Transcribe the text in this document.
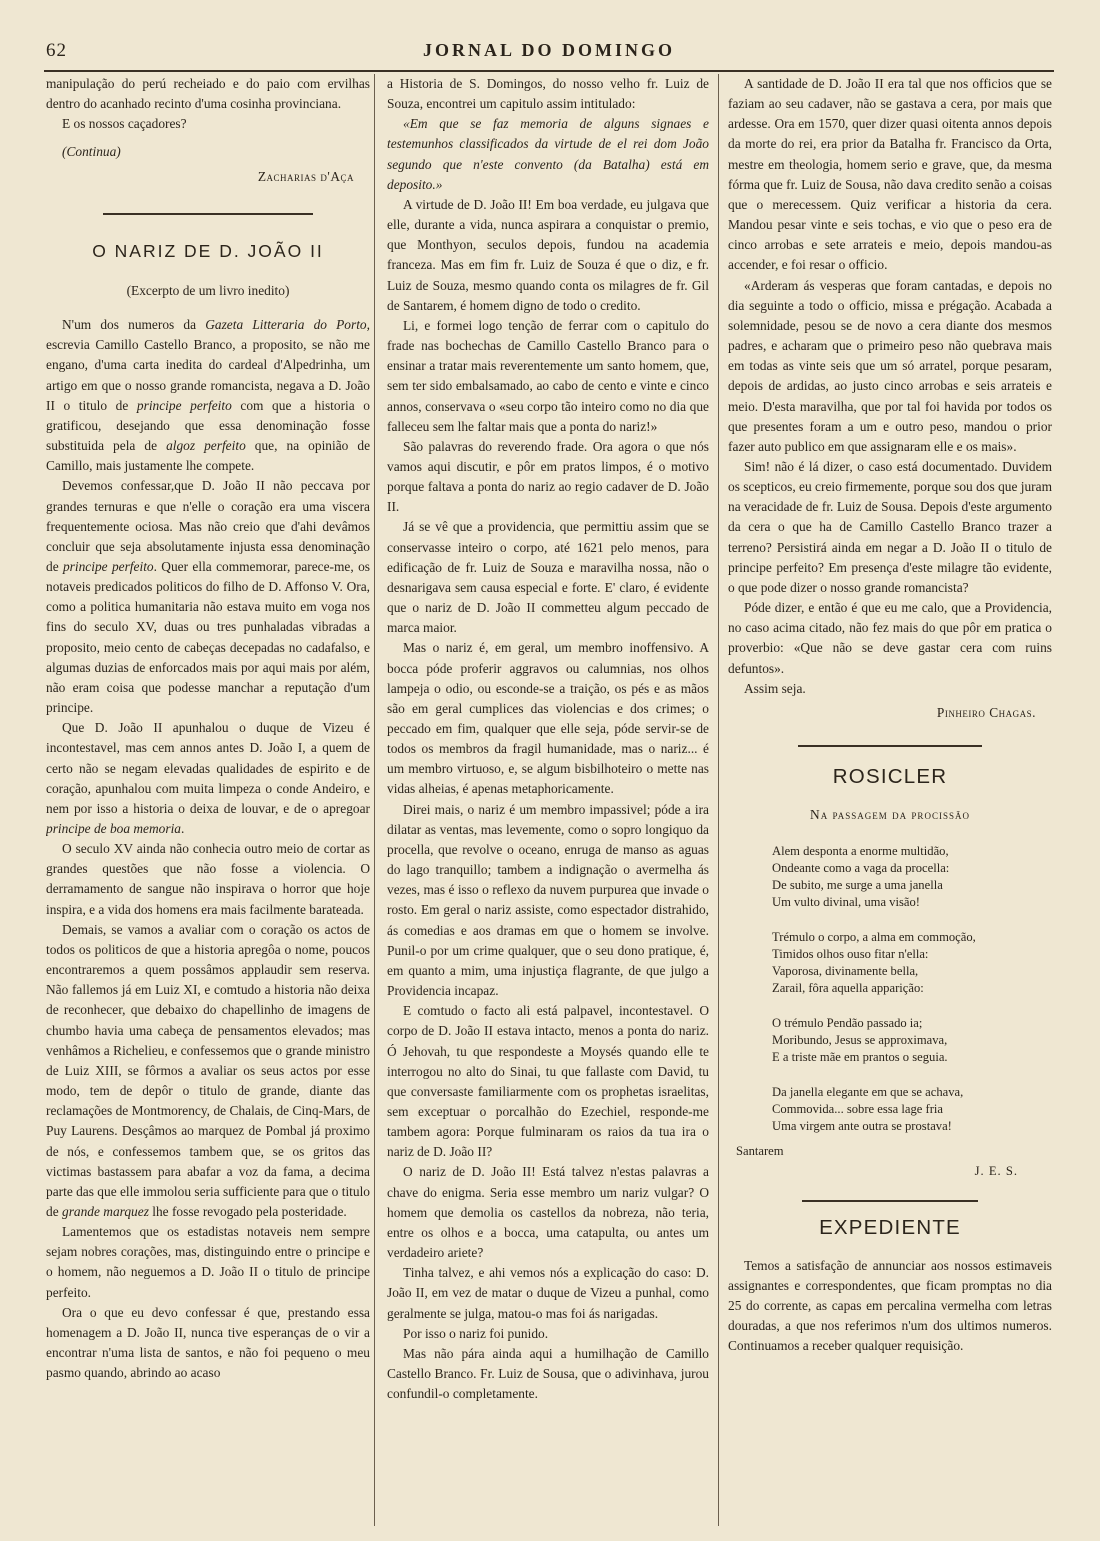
62	JORNAL DO DOMINGO

manipulação do perú recheiado e do paio com ervilhas dentro do acanhado recinto d'uma cosinha provinciana.

E os nossos caçadores?

(Continua)

Zacharias d'Aça
O NARIZ DE D. JOÃO II
(Excerpto de um livro inedito)

N'um dos numeros da Gazeta Litteraria do Porto, escrevia Camillo Castello Branco, a proposito, se não me engano, d'uma carta inedita do cardeal d'Alpedrinha, um artigo em que o nosso grande romancista, negava a D. João II o titulo de principe perfeito com que a historia o gratificou, desejando que essa denominação fosse substituida pela de algoz perfeito que, na opinião de Camillo, mais justamente lhe compete.

Devemos confessar,que D. João II não peccava por grandes ternuras e que n'elle o coração era uma viscera frequentemente ociosa. Mas não creio que d'ahi devâmos concluir que seja absolutamente injusta essa denominação de principe perfeito. Quer ella commemorar, parece-me, os notaveis predicados politicos do filho de D. Affonso V. Ora, como a politica humanitaria não estava muito em voga nos fins do seculo XV, duas ou tres punhaladas vibradas a proposito, meio cento de cabeças decepadas no cadafalso, e algumas duzias de enforcados mais por aqui mais por além, não eram coisa que podesse manchar a reputação d'um principe.

Que D. João II apunhalou o duque de Vizeu é incontestavel, mas cem annos antes D. João I, a quem de certo não se negam elevadas qualidades de espirito e de coração, apunhalou com muita limpeza o conde Andeiro, e nem por isso a historia o deixa de louvar, e de o apregoar principe de boa memoria.

O seculo XV ainda não conhecia outro meio de cortar as grandes questões que não fosse a violencia. O derramamento de sangue não inspirava o horror que hoje inspira, e a vida dos homens era mais facilmente barateada.

Demais, se vamos a avaliar com o coração os actos de todos os politicos de que a historia apregôa o nome, poucos encontraremos a quem possâmos applaudir sem reserva. Não fallemos já em Luiz XI, e comtudo a historia não deixa de reconhecer, que debaixo do chapellinho de imagens de chumbo havia uma cabeça de pensamentos elevados; mas venhâmos a Richelieu, e confessemos que o grande ministro de Luiz XIII, se fôrmos a avaliar os seus actos por esse modo, tem de depôr o titulo de grande, diante das reclamações de Montmorency, de Chalais, de Cinq-Mars, de Puy Laurens. Desçâmos ao marquez de Pombal já proximo de nós, e confessemos tambem que, se os gritos das victimas bastassem para abafar a voz da fama, a decima parte das que elle immolou seria sufficiente para que o titulo de grande marquez lhe fosse revogado pela posteridade.

Lamentemos que os estadistas notaveis nem sempre sejam nobres corações, mas, distinguindo entre o principe e o homem, não neguemos a D. João II o titulo de principe perfeito.

Ora o que eu devo confessar é que, prestando essa homenagem a D. João II, nunca tive esperanças de o vir a encontrar n'uma lista de santos, e não foi pequeno o meu pasmo quando, abrindo ao acaso

a Historia de S. Domingos, do nosso velho fr. Luiz de Souza, encontrei um capitulo assim intitulado:

«Em que se faz memoria de alguns signaes e testemunhos classificados da virtude de el rei dom João segundo que n'este convento (da Batalha) está em deposito.»

A virtude de D. João II! Em boa verdade, eu julgava que elle, durante a vida, nunca aspirara a conquistar o premio, que Monthyon, seculos depois, fundou na academia franceza. Mas em fim fr. Luiz de Souza é que o diz, e fr. Luiz de Souza, mesmo quando conta os milagres de fr. Gil de Santarem, é homem digno de todo o credito.

Li, e formei logo tenção de ferrar com o capitulo do frade nas bochechas de Camillo Castello Branco para o ensinar a tratar mais reverentemente um santo homem, que, sem ter sido embalsamado, ao cabo de cento e vinte e cinco annos, conservava o «seu corpo tão inteiro como no dia que falleceu sem lhe faltar mais que a ponta do nariz!»

São palavras do reverendo frade. Ora agora o que nós vamos aqui discutir, e pôr em pratos limpos, é o motivo porque faltava a ponta do nariz ao regio cadaver de D. João II.

Já se vê que a providencia, que permittiu assim que se conservasse inteiro o corpo, até 1621 pelo menos, para edificação de fr. Luiz de Souza e maravilha nossa, não o desnarigava sem causa especial e forte. E' claro, é evidente que o nariz de D. João II commetteu algum peccado de marca maior.

Mas o nariz é, em geral, um membro inoffensivo. A bocca póde proferir aggravos ou calumnias, nos olhos lampeja o odio, ou esconde-se a traição, os pés e as mãos são em geral cumplices das violencias e dos crimes; o peccado em fim, qualquer que elle seja, póde servir-se de todos os membros da fragil humanidade, mas o nariz... é um membro virtuoso, e, se algum bisbilhoteiro o mette nas vidas alheias, é apenas metaphoricamente.

Direi mais, o nariz é um membro impassivel; póde a ira dilatar as ventas, mas levemente, como o sopro longiquo da procella, que revolve o oceano, enruga de manso as aguas do lago tranquillo; tambem a indignação o avermelha ás vezes, mas é isso o reflexo da nuvem purpurea que invade o rosto. Em geral o nariz assiste, como espectador distrahido, ás comedias e aos dramas em que o homem se involve. Punil-o por um crime qualquer, que o seu dono pratique, é, em quanto a mim, uma injustiça flagrante, de que julgo a Providencia incapaz.

E comtudo o facto ali está palpavel, incontestavel. O corpo de D. João II estava intacto, menos a ponta do nariz. Ó Jehovah, tu que respondeste a Moysés quando elle te interrogou no alto do Sinai, tu que fallaste com David, tu que conversaste familiarmente com os prophetas israelitas, sem exceptuar o porcalhão do Ezechiel, responde-me tambem agora: Porque fulminaram os raios da tua ira o nariz de D. João II?

O nariz de D. João II! Está talvez n'estas palavras a chave do enigma. Seria esse membro um nariz vulgar? O homem que demolia os castellos da nobreza, não teria, entre os olhos e a bocca, uma catapulta, ou antes um verdadeiro ariete?

Tinha talvez, e ahi vemos nós a explicação do caso: D. João II, em vez de matar o duque de Vizeu a punhal, como geralmente se julga, matou-o mas foi ás narigadas.

Por isso o nariz foi punido.

Mas não pára ainda aqui a humilhação de Camillo Castello Branco. Fr. Luiz de Sousa, que o adivinhava, jurou confundil-o completamente.

A santidade de D. João II era tal que nos officios que se faziam ao seu cadaver, não se gastava a cera, por mais que ardesse. Ora em 1570, quer dizer quasi oitenta annos depois da morte do rei, era prior da Batalha fr. Francisco da Orta, mestre em theologia, homem serio e grave, que, da mesma fórma que fr. Luiz de Sousa, não dava credito senão a coisas que o merecessem. Quiz verificar a historia da cera. Mandou pesar vinte e seis tochas, e vio que o peso era de cinco arrobas e sete arrateis e meio, depois mandou-as accender, e foi resar o officio.

«Arderam ás vesperas que foram cantadas, e depois no dia seguinte a todo o officio, missa e prégação. Acabada a solemnidade, pesou se de novo a cera diante dos mesmos padres, e acharam que o primeiro peso não quebrava mais em todas as vinte seis que um só arratel, porque pesaram, depois de ardidas, ao justo cinco arrobas e seis arrateis e meio. D'esta maravilha, que por tal foi havida por todos os que presentes foram a um e outro peso, mandou o prior fazer auto publico em que assignaram elle e os mais».

Sim! não é lá dizer, o caso está documentado. Duvidem os scepticos, eu creio firmemente, porque sou dos que juram na veracidade de fr. Luiz de Sousa. Depois d'este argumento da cera o que ha de Camillo Castello Branco trazer a terreno? Persistirá ainda em negar a D. João II o titulo de principe perfeito? Em presença d'este milagre tão evidente, o que pode dizer o nosso grande romancista?

Póde dizer, e então é que eu me calo, que a Providencia, no caso acima citado, não fez mais do que pôr em pratica o proverbio: «Que não se deve gastar cera com ruins defuntos».

Assim seja.

Pinheiro Chagas.
ROSICLER
Na passagem da procissão
Alem desponta a enorme multidão,
Ondeante como a vaga da procella:
De subito, me surge a uma janella
Um vulto divinal, uma visão!
Trémulo o corpo, a alma em commoção,
Timidos olhos ouso fitar n'ella:
Vaporosa, divinamente bella,
Zarail, fôra aquella apparição:
O trémulo Pendão passado ia;
Moribundo, Jesus se approximava,
E a triste mãe em prantos o seguia.
Da janella elegante em que se achava,
Commovida... sobre essa lage fria
Uma virgem ante outra se prostava!
Santarem
J. E. S.
EXPEDIENTE

Temos a satisfação de annunciar aos nossos estimaveis assignantes e correspondentes, que ficam promptas no dia 25 do corrente, as capas em percalina vermelha com letras douradas, a que nos referimos n'um dos ultimos numeros. Continuamos a receber qualquer requisição.
